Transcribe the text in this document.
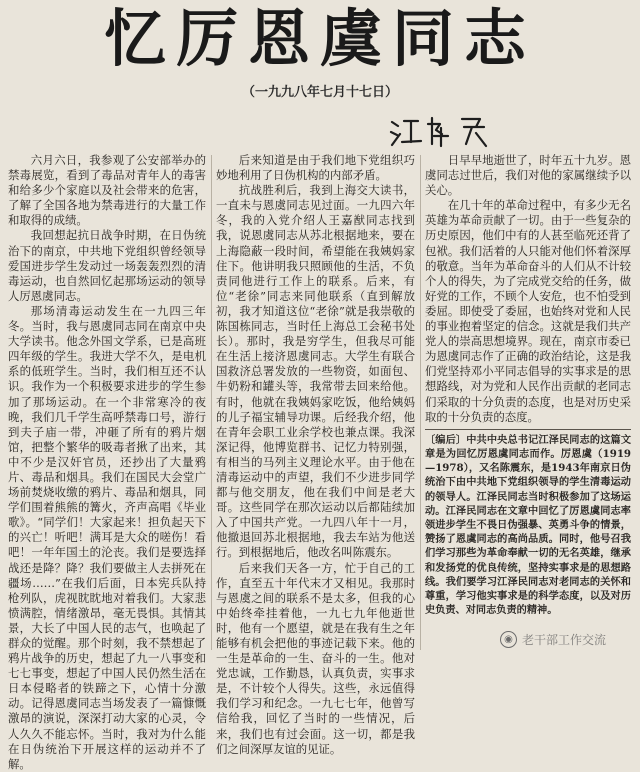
忆厉恩虞同志
（一九九八年七月十七日）

六月六日，我参观了公安部举办的禁毒展览，看到了毒品对青年人的毒害和给多少个家庭以及社会带来的危害，了解了全国各地为禁毒进行的大量工作和取得的成绩。

我回想起抗日战争时期，在日伪统治下的南京，中共地下党组织曾经领导爱国进步学生发动过一场轰轰烈烈的清毒运动，也自然回忆起那场运动的领导人厉恩虞同志。

那场清毒运动发生在一九四三年冬。当时，我与恩虞同志同在南京中央大学读书。他念外国文学系，已是高班四年级的学生。我进大学不久，是电机系的低班学生。当时，我们相互还不认识。我作为一个积极要求进步的学生参加了那场运动。在一个非常寒冷的夜晚，我们几千学生高呼禁毒口号，游行到夫子庙一带，冲砸了所有的鸦片烟馆，把整个繁华的吸毒者揪了出来，其中不少是汉奸官员，还抄出了大量鸦片、毒品和烟具。我们在国民大会堂广场前焚烧收缴的鸦片、毒品和烟具，同学们围着熊熊的篝火，齐声高唱《毕业歌》。“同学们！大家起来！担负起天下的兴亡！听吧！满耳是大众的嗟伤！看吧！一年年国土的沦丧。我们是要选择战还是降？降？我们要做主人去拼死在疆场……”在我们后面，日本宪兵队持枪列队，虎视眈眈地对着我们。大家悲愤满腔，情绪激昂，毫无畏惧。其情其景，大长了中国人民的志气，也唤起了群众的觉醒。那个时刻，我不禁想起了鸦片战争的历史，想起了九一八事变和七七事变，想起了中国人民仍然生活在日本侵略者的铁蹄之下，心情十分激动。记得恩虞同志当场发表了一篇慷慨激昂的演说，深深打动大家的心灵，令人久久不能忘怀。当时，我对为什么能在日伪统治下开展这样的运动并不了解。

后来知道是由于我们地下党组织巧妙地利用了日伪机构的内部矛盾。

抗战胜利后，我到上海交大读书，一直未与恩虞同志见过面。一九四六年冬，我的入党介绍人王嘉猷同志找到我，说恩虞同志从苏北根据地来，要在上海隐蔽一段时间，希望能在我姨妈家住下。他讲明我只照顾他的生活，不负责同他进行工作上的联系。后来，有位“老徐”同志来同他联系（直到解放初，我才知道这位“老徐”就是我崇敬的陈国栋同志，当时任上海总工会秘书处长）。那时，我是穷学生，但我尽可能在生活上接济恩虞同志。大学生有联合国救济总署发放的一些物资，如面包、牛奶粉和罐头等，我常带去回来给他。有时，他就在我姨妈家吃饭，他给姨妈的儿子福宝辅导功课。后经我介绍，他在青年会职工业余学校也兼点课。我深深记得，他博览群书、记忆力特别强，有相当的马列主义理论水平。由于他在清毒运动中的声望，我们不少进步同学都与他交朋友，他在我们中间是老大哥。这些同学在那次运动以后都陆续加入了中国共产党。一九四八年十一月，他撤退回苏北根据地，我去车站为他送行。到根据地后，他改名叫陈震东。

后来我们天各一方，忙于自己的工作，直至五十年代末才又相见。我那时与恩虞之间的联系不是太多，但我的心中始终牵挂着他，一九七九年他逝世时，他有一个愿望，就是在我有生之年能够有机会把他的事迹记载下来。他的一生是革命的一生、奋斗的一生。他对党忠诚，工作勤恳，认真负责，实事求是，不计较个人得失。这些，永远值得我们学习和纪念。一九七七年，他曾写信给我，回忆了当时的一些情况，后来，我们也有过会面。这一切，都是我们之间深厚友谊的见证。

日早早地逝世了，时年五十九岁。恩虞同志过世后，我们对他的家属继续予以关心。

在几十年的革命过程中，有多少无名英雄为革命贡献了一切。由于一些复杂的历史原因，他们中有的人甚至临死还背了包袱。我们活着的人只能对他们怀着深厚的敬意。当年为革命奋斗的人们从不计较个人的得失，为了完成党交给的任务，做好党的工作，不顾个人安危，也不怕受到委屈。即使受了委屈，也始终对党和人民的事业抱着坚定的信念。这就是我们共产党人的崇高思想境界。现在，南京市委已为恩虞同志作了正确的政治结论，这是我们党坚持邓小平同志倡导的实事求是的思想路线，对为党和人民作出贡献的老同志们采取的十分负责的态度，也是对历史采取的十分负责的态度。

〔编后〕中共中央总书记江泽民同志的这篇文章是为回忆厉恩虞同志而作。厉恩虞（1919—1978），又名陈震东，是1943年南京日伪统治下由中共地下党组织领导的学生清毒运动的领导人。江泽民同志当时积极参加了这场运动。江泽民同志在文章中回忆了厉恩虞同志率领进步学生不畏日伪强暴、英勇斗争的情景，赞扬了恩虞同志的高尚品质。同时，他号召我们学习那些为革命奉献一切的无名英雄，继承和发扬党的优良传统，坚持实事求是的思想路线。我们要学习江泽民同志对老同志的关怀和尊重，学习他实事求是的科学态度，以及对历史负责、对同志负责的精神。
◉ 老干部工作交流
